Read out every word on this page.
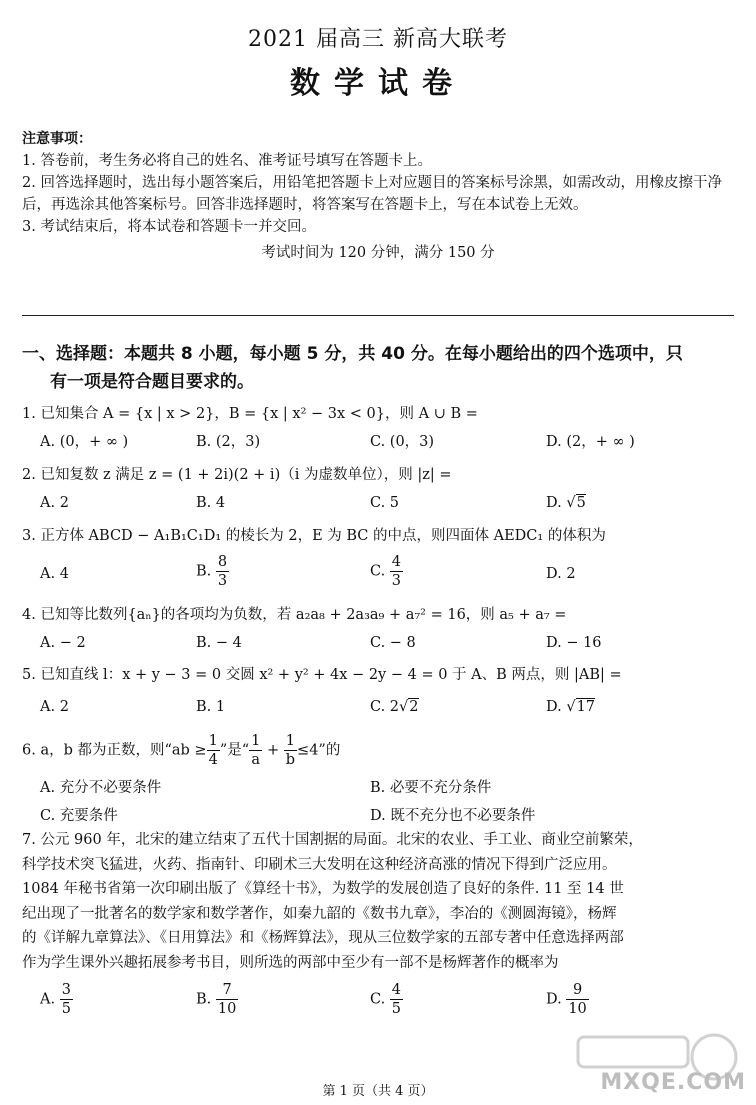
2021 届高三 新高大联考
数学试卷

注意事项：

1. 答卷前，考生务必将自己的姓名、准考证号填写在答题卡上。

2. 回答选择题时，选出每小题答案后，用铅笔把答题卡上对应题目的答案标号涂黑，如需改动，用橡皮擦干净后，再选涂其他答案标号。回答非选择题时，将答案写在答题卡上，写在本试卷上无效。

3. 考试结束后，将本试卷和答题卡一并交回。

考试时间为 120 分钟，满分 150 分

一、选择题：本题共 8 小题，每小题 5 分，共 40 分。在每小题给出的四个选项中，只
有一项是符合题目要求的。

1. 已知集合 A = {x | x > 2}，B = {x | x² − 3x < 0}，则 A ∪ B =

A. (0，+ ∞ )	B. (2，3)	C. (0，3)	D. (2，+ ∞ )

2. 已知复数 z 满足 z = (1 + 2i)(2 + i)（i 为虚数单位），则 |z| =

A. 2	B. 4	C. 5	D. √5

3. 正方体 ABCD − A₁B₁C₁D₁ 的棱长为 2，E 为 BC 的中点，则四面体 AEDC₁ 的体积为

A. 4	B. $\frac{8}{3}$	C. $\frac{4}{3}$	D. 2

4. 已知等比数列{aₙ}的各项均为负数，若 a₂a₈ + 2a₃a₉ + a₇² = 16，则 a₅ + a₇ =

A. − 2	B. − 4	C. − 8	D. − 16

5. 已知直线 l：x + y − 3 = 0 交圆 x² + y² + 4x − 2y − 4 = 0 于 A、B 两点，则 |AB| =

A. 2	B. 1	C. 2√2	D. √17

6. a，b 都为正数，则“ab ≥ $\frac{1}{4}$ ”是“ $\frac{1}{a} + \frac{1}{b} \le 4$”的

A. 充分不必要条件	B. 必要不充分条件
C. 充要条件	D. 既不充分也不必要条件

7. 公元 960 年，北宋的建立结束了五代十国割据的局面。北宋的农业、手工业、商业空前繁荣，

科学技术突飞猛进，火药、指南针、印刷术三大发明在这种经济高涨的情况下得到广泛应用。

1084 年秘书省第一次印刷出版了《算经十书》，为数学的发展创造了良好的条件. 11 至 14 世

纪出现了一批著名的数学家和数学著作，如秦九韶的《数书九章》，李冶的《测圆海镜》，杨辉

的《详解九章算法》、《日用算法》和《杨辉算法》，现从三位数学家的五部专著中任意选择两部

作为学生课外兴趣拓展参考书目，则所选的两部中至少有一部不是杨辉著作的概率为

A. $\frac{3}{5}$	B. $\frac{7}{10}$	C. $\frac{4}{5}$	D. $\frac{9}{10}$
第 1 页（共 4 页）	MXQE.COM
